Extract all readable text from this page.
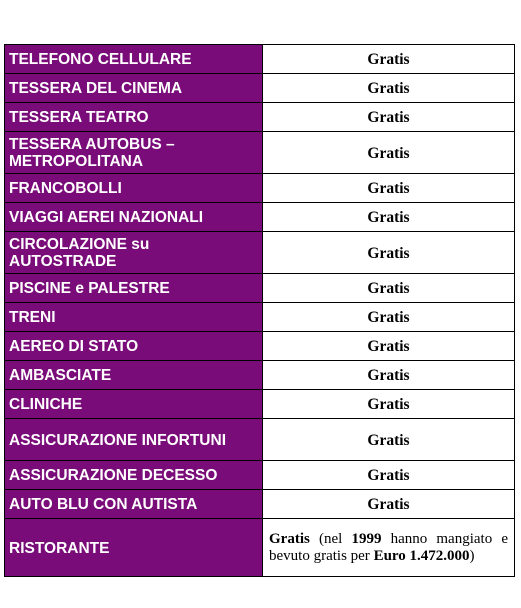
TELEFONO CELLULARE	Gratis
TESSERA DEL CINEMA	Gratis
TESSERA TEATRO	Gratis
TESSERA AUTOBUS – METROPOLITANA	Gratis
FRANCOBOLLI	Gratis
VIAGGI AEREI NAZIONALI	Gratis
CIRCOLAZIONE su AUTOSTRADE	Gratis
PISCINE e PALESTRE	Gratis
TRENI	Gratis
AEREO DI STATO	Gratis
AMBASCIATE	Gratis
CLINICHE	Gratis
ASSICURAZIONE INFORTUNI	Gratis
ASSICURAZIONE DECESSO	Gratis
AUTO BLU CON AUTISTA	Gratis
RISTORANTE	Gratis (nel 1999 hanno mangiato e bevuto gratis per Euro 1.472.000)
